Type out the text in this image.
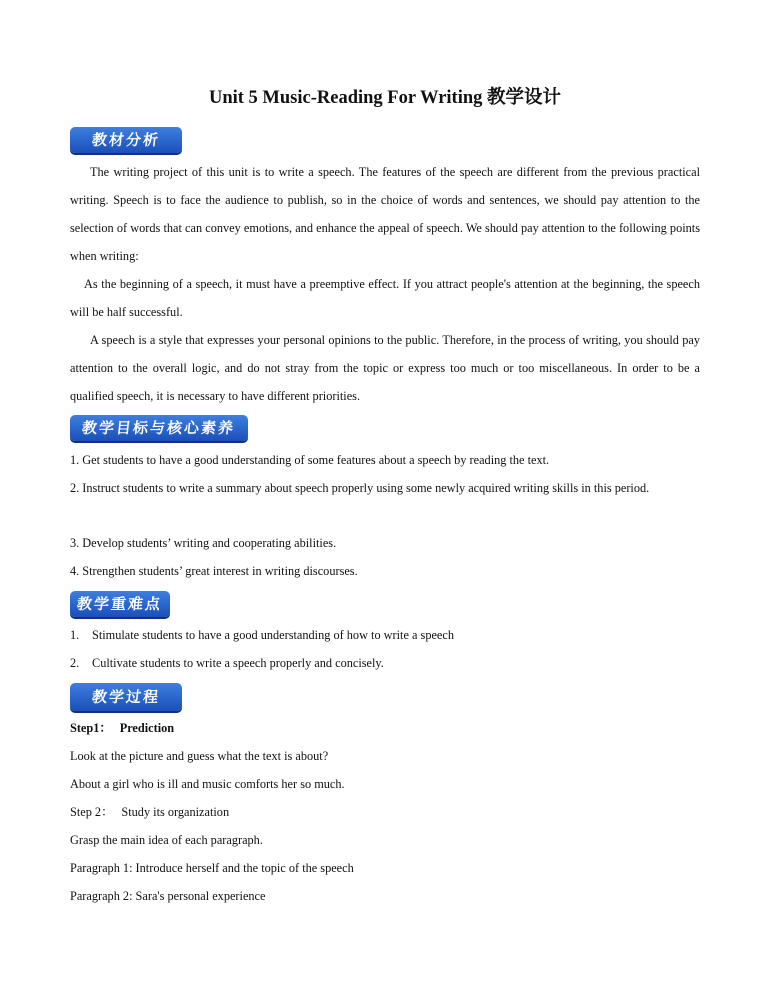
Unit 5 Music-Reading For Writing 教学设计
教材分析

The writing project of this unit is to write a speech. The features of the speech are different from the previous practical writing. Speech is to face the audience to publish, so in the choice of words and sentences, we should pay attention to the selection of words that can convey emotions, and enhance the appeal of speech. We should pay attention to the following points when writing:

As the beginning of a speech, it must have a preemptive effect. If you attract people's attention at the beginning, the speech will be half successful.

A speech is a style that expresses your personal opinions to the public. Therefore, in the process of writing, you should pay attention to the overall logic, and do not stray from the topic or express too much or too miscellaneous. In order to be a qualified speech, it is necessary to have different priorities.

教学目标与核心素养
1. Get students to have a good understanding of some features about a speech by reading the text.

2. Instruct students to write a summary about speech properly using some newly acquired writing skills in this period.

3. Develop students’ writing and cooperating abilities.
4. Strengthen students’ great interest in writing discourses.
教学重难点
1. Stimulate students to have a good understanding of how to write a speech
2. Cultivate students to write a speech properly and concisely.
教学过程
Step1： Prediction
Look at the picture and guess what the text is about?
About a girl who is ill and music comforts her so much.
Step 2： Study its organization
Grasp the main idea of each paragraph.
Paragraph 1: Introduce herself and the topic of the speech
Paragraph 2: Sara's personal experience
